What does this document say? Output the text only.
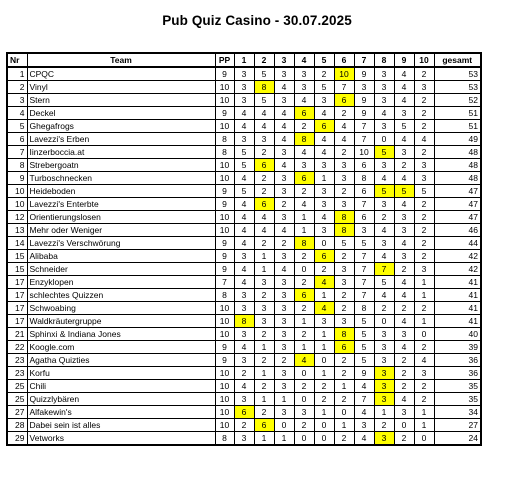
Pub Quiz Casino - 30.07.2025
Nr	Team	PP	1	2	3	4	5	6	7	8	9	10	gesamt
1	CPQC	9	3	5	3	3	2	10	9	3	4	2	53
2	Vinyl	10	3	8	4	3	5	7	3	3	4	3	53
3	Stern	10	3	5	3	4	3	6	9	3	4	2	52
4	Deckel	9	4	4	4	6	4	2	9	4	3	2	51
5	Ghegafrogs	10	4	4	4	2	6	4	7	3	5	2	51
6	Lavezzi's Erben	8	3	3	4	8	4	4	7	0	4	4	49
7	Iinzerboccia.at	8	5	2	3	4	4	2	10	5	3	2	48
8	Strebergoatn	10	5	6	4	3	3	3	6	3	2	3	48
9	Turboschnecken	10	4	2	3	6	1	3	8	4	4	3	48
10	Heideboden	9	5	2	3	2	3	2	6	5	5	5	47
10	Lavezzi's Enterbte	9	4	6	2	4	3	3	7	3	4	2	47
12	Orientierungslosen	10	4	4	3	1	4	8	6	2	3	2	47
13	Mehr oder Weniger	10	4	4	4	1	3	8	3	4	3	2	46
14	Lavezzi's Verschwörung	9	4	2	2	8	0	5	5	3	4	2	44
15	Alibaba	9	3	1	3	2	6	2	7	4	3	2	42
15	Schneider	9	4	1	4	0	2	3	7	7	2	3	42
17	Enzyklopen	7	4	3	3	2	4	3	7	5	4	1	41
17	schlechtes Quizzen	8	3	2	3	6	1	2	7	4	4	1	41
17	Schwoabing	10	3	3	3	2	4	2	8	2	2	2	41
17	Waldkräutergruppe	10	8	3	3	1	3	3	5	0	4	1	41
21	Sphinxi & Indiana Jones	10	3	2	3	2	1	8	5	3	3	0	40
22	Koogle.com	9	4	1	3	1	1	6	5	3	4	2	39
23	Agatha Quizties	9	3	2	2	4	0	2	5	3	2	4	36
23	Korfu	10	2	1	3	0	1	2	9	3	2	3	36
25	Chili	10	4	2	3	2	2	1	4	3	2	2	35
25	Quizzlybären	10	3	1	1	0	2	2	7	3	4	2	35
27	Alfakewin's	10	6	2	3	3	1	0	4	1	3	1	34
28	Dabei sein ist alles	10	2	6	0	2	0	1	3	2	0	1	27
29	Vetworks	8	3	1	1	0	0	2	4	3	2	0	24
